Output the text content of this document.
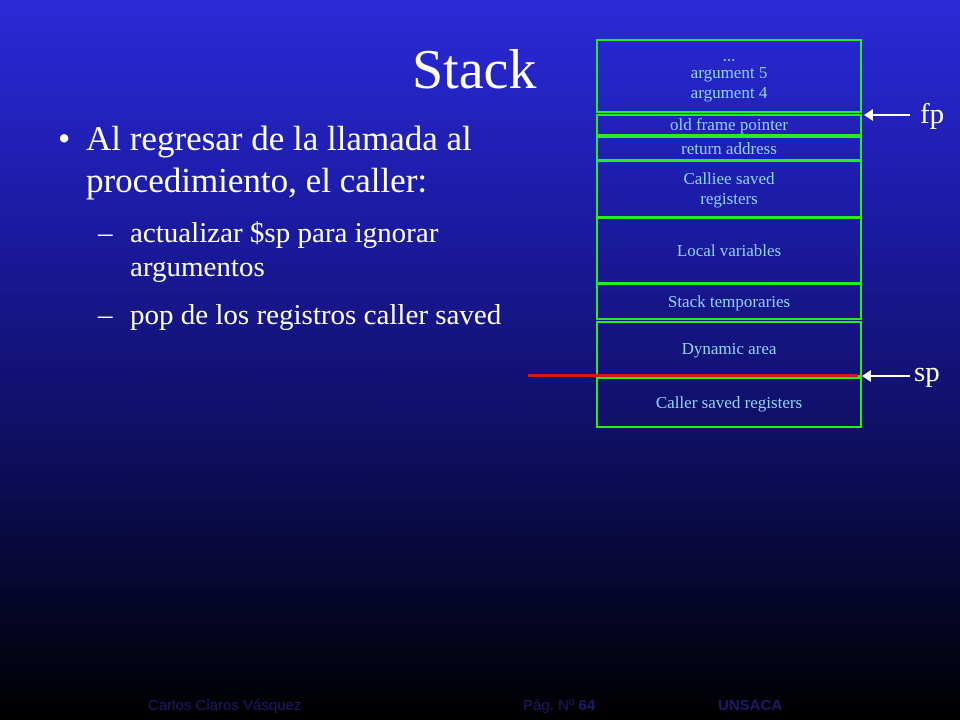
Stack
• Al regresar de la llamada al procedimiento, el caller:
– actualizar $sp para ignorar argumentos
– pop de los registros caller saved
...
argument 5
argument 4
old frame pointer
return address
Calliee saved
registers
Local variables
Stack temporaries
Dynamic area
Caller saved registers
fp
sp
Carlos Claros Vásquez	Pág. Nº 64	UNSACA
